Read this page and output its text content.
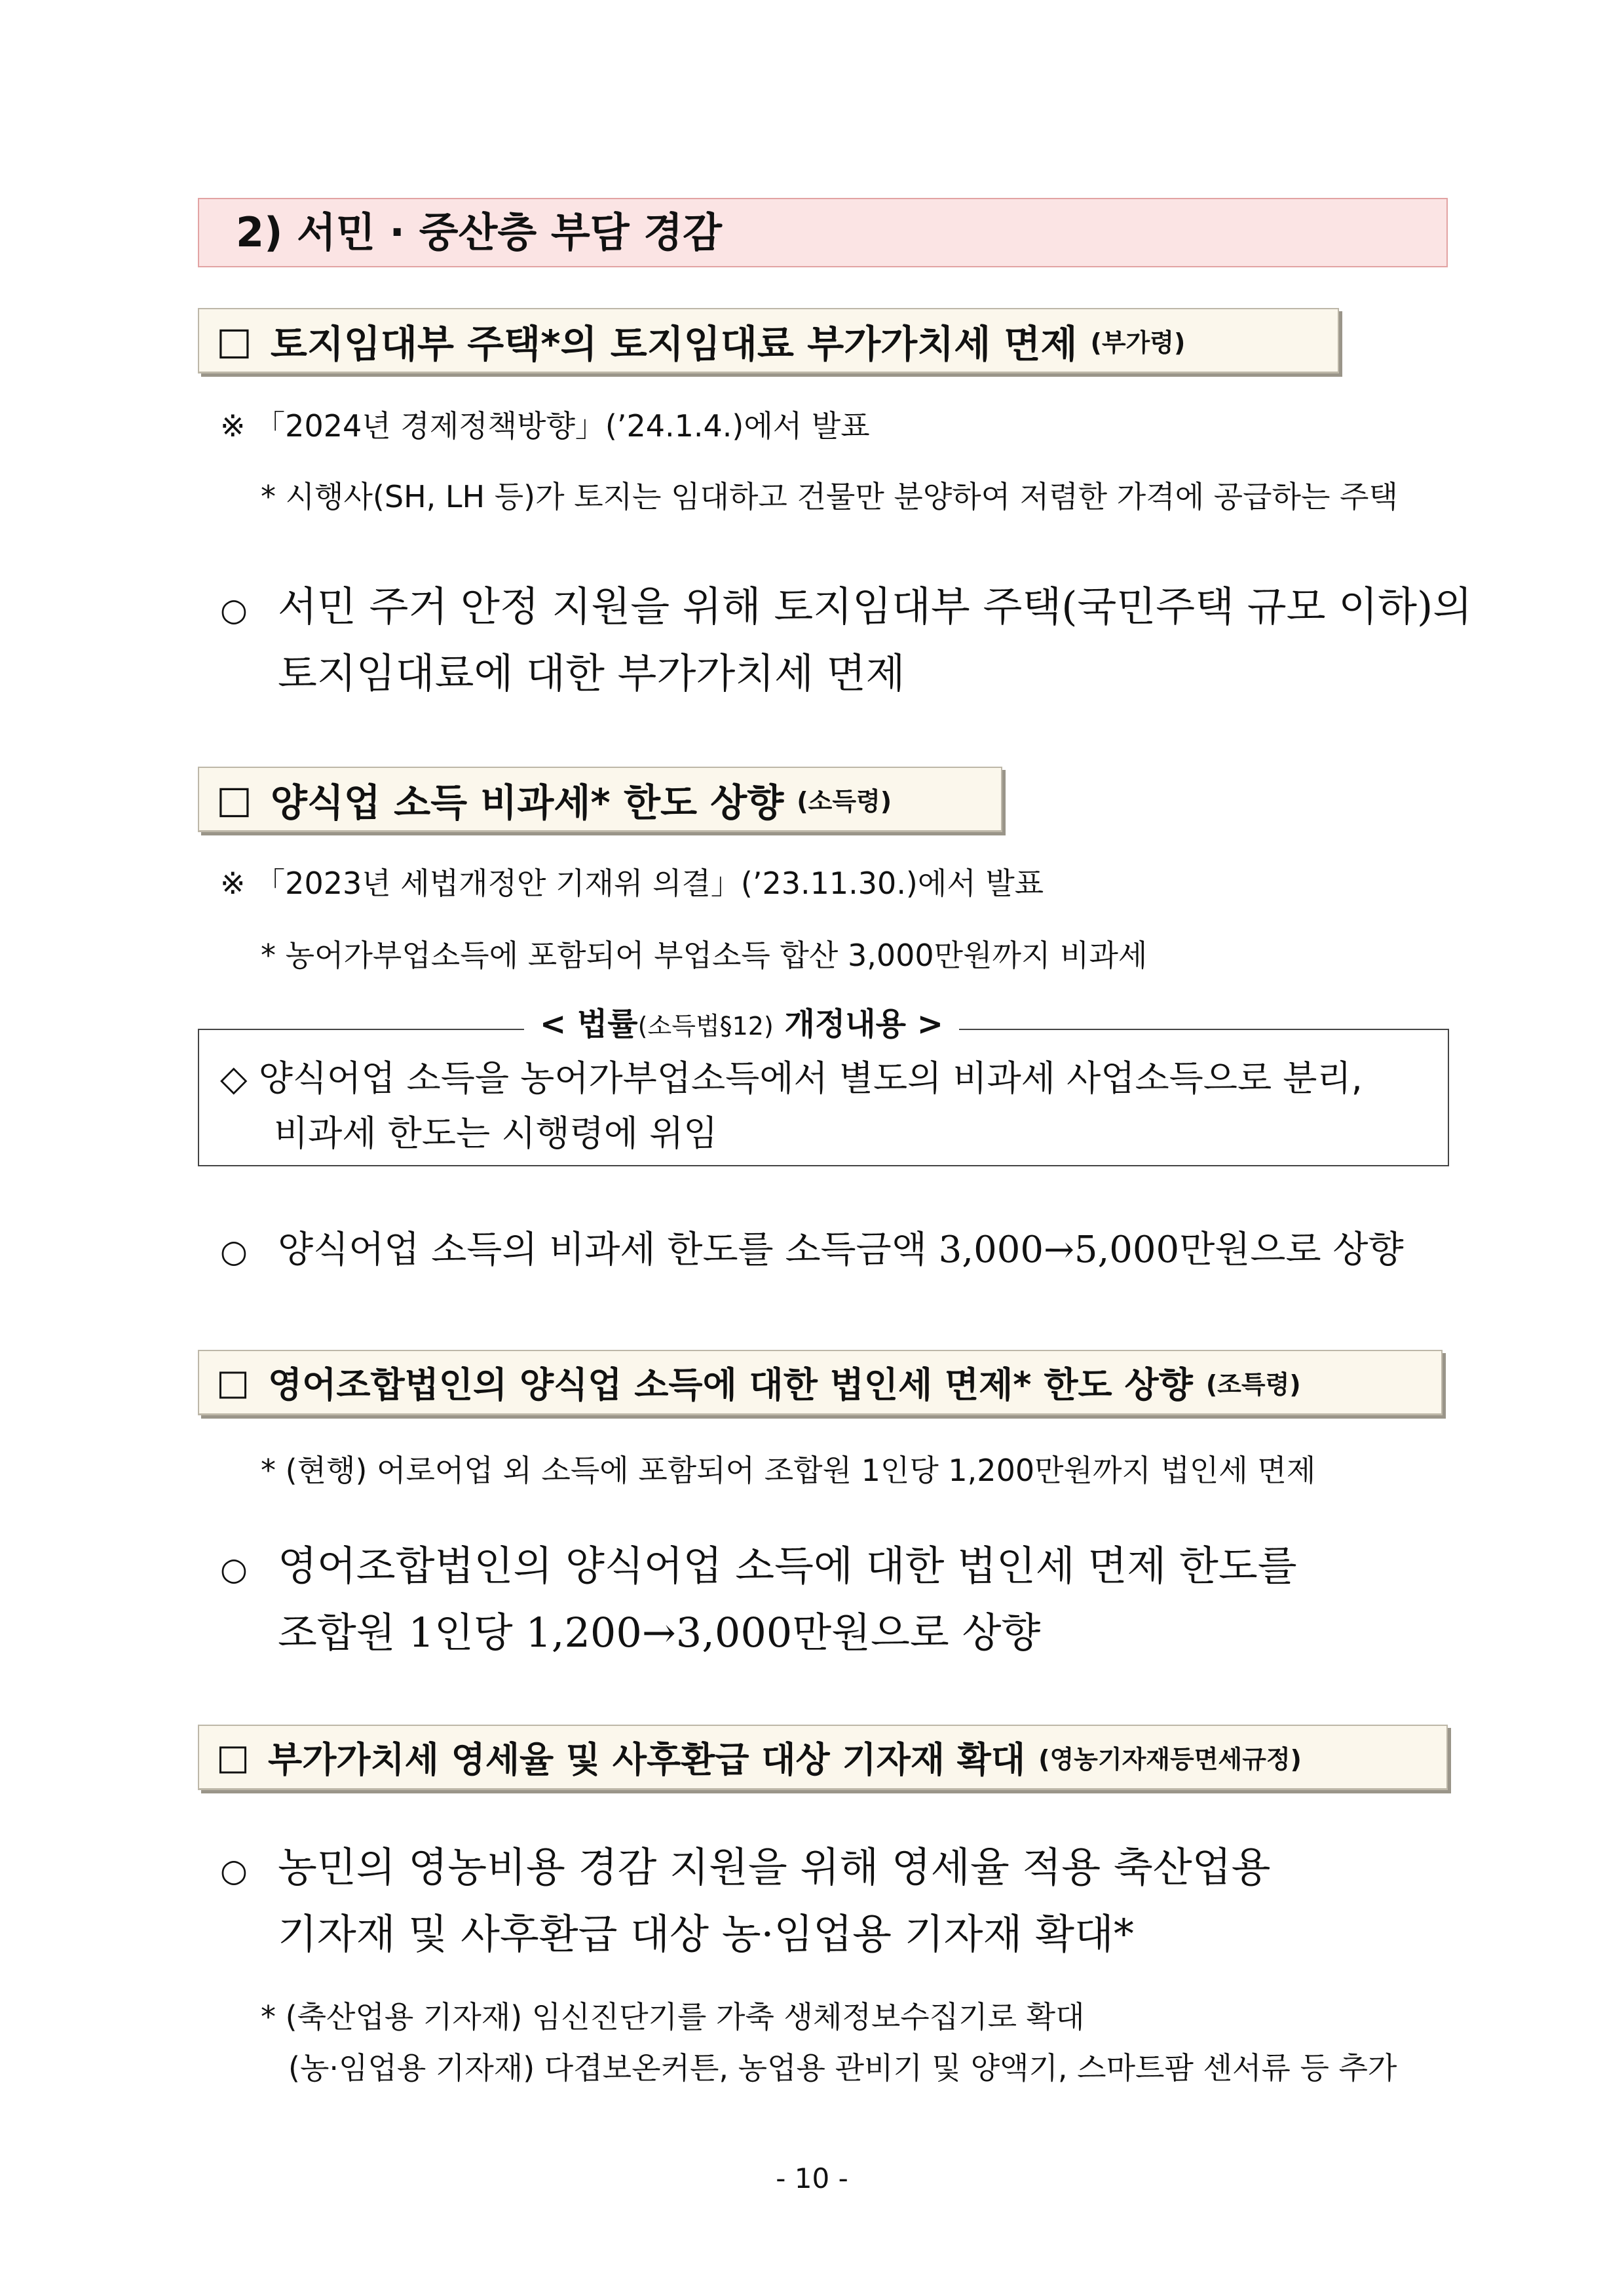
2) 서민 · 중산층 부담 경감
□ 토지임대부 주택*의 토지임대료 부가가치세 면제 (부가령)
※ 「2024년 경제정책방향」(’24.1.4.)에서 발표
* 시행사(SH, LH 등)가 토지는 임대하고 건물만 분양하여 저렴한 가격에 공급하는 주택
○ 서민 주거 안정 지원을 위해 토지임대부 주택(국민주택 규모 이하)의
토지임대료에 대한 부가가치세 면제
□ 양식업 소득 비과세* 한도 상향 (소득령)
※ 「2023년 세법개정안 기재위 의결」(’23.11.30.)에서 발표
* 농어가부업소득에 포함되어 부업소득 합산 3,000만원까지 비과세
< 법률(소득법§12) 개정내용 >
◇ 양식어업 소득을 농어가부업소득에서 별도의 비과세 사업소득으로 분리,
비과세 한도는 시행령에 위임
○ 양식어업 소득의 비과세 한도를 소득금액 3,000→5,000만원으로 상향
□ 영어조합법인의 양식업 소득에 대한 법인세 면제* 한도 상향 (조특령)
* (현행) 어로어업 외 소득에 포함되어 조합원 1인당 1,200만원까지 법인세 면제
○ 영어조합법인의 양식어업 소득에 대한 법인세 면제 한도를
조합원 1인당 1,200→3,000만원으로 상향
□ 부가가치세 영세율 및 사후환급 대상 기자재 확대 (영농기자재등면세규정)
○ 농민의 영농비용 경감 지원을 위해 영세율 적용 축산업용
기자재 및 사후환급 대상 농·임업용 기자재 확대*
* (축산업용 기자재) 임신진단기를 가축 생체정보수집기로 확대
(농·임업용 기자재) 다겹보온커튼, 농업용 관비기 및 양액기, 스마트팜 센서류 등 추가
- 10 -
